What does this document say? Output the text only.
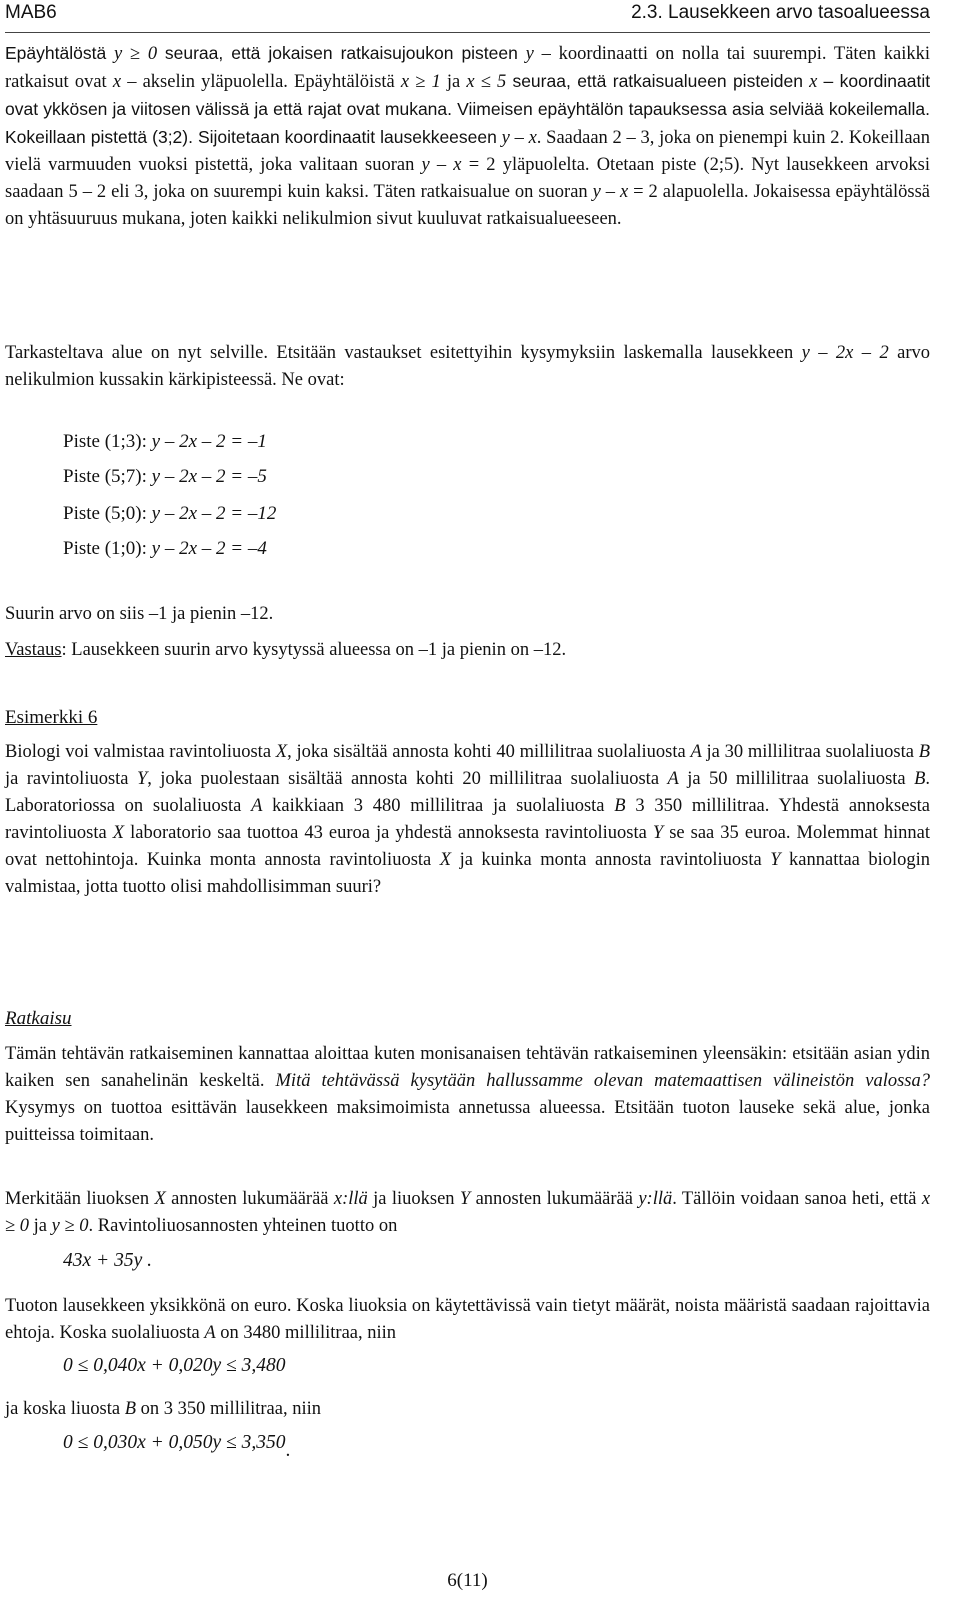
MAB6	2.3. Lausekkeen arvo tasoalueessa

Epäyhtälöstä y ≥ 0 seuraa, että jokaisen ratkaisujoukon pisteen y – koordinaatti on nolla tai suurempi. Täten kaikki ratkaisut ovat x – akselin yläpuolella. Epäyhtälöistä x ≥ 1 ja x ≤ 5 seuraa, että ratkaisualueen pisteiden x – koordinaatit ovat ykkösen ja viitosen välissä ja että rajat ovat mukana. Viimeisen epäyhtälön tapauksessa asia selviää kokeilemalla. Kokeillaan pistettä (3;2). Sijoitetaan koordinaatit lausekkeeseen y – x. Saadaan 2 – 3, joka on pienempi kuin 2. Kokeillaan vielä varmuuden vuoksi pistettä, joka valitaan suoran y – x = 2 yläpuolelta. Otetaan piste (2;5). Nyt lausekkeen arvoksi saadaan 5 – 2 eli 3, joka on suurempi kuin kaksi. Täten ratkaisualue on suoran y – x = 2 alapuolella. Jokaisessa epäyhtälössä on yhtäsuuruus mukana, joten kaikki nelikulmion sivut kuuluvat ratkaisualueeseen.

Tarkasteltava alue on nyt selville. Etsitään vastaukset esitettyihin kysymyksiin laskemalla lausekkeen y – 2x – 2 arvo nelikulmion kussakin kärkipisteessä. Ne ovat:

Piste (1;3): y – 2x – 2 = –1
Piste (5;7): y – 2x – 2 = –5
Piste (5;0): y – 2x – 2 = –12
Piste (1;0): y – 2x – 2 = –4

Suurin arvo on siis –1 ja pienin –12.

Vastaus: Lausekkeen suurin arvo kysytyssä alueessa on –1 ja pienin on –12.

Esimerkki 6

Biologi voi valmistaa ravintoliuosta X, joka sisältää annosta kohti 40 millilitraa suolaliuosta A ja 30 millilitraa suolaliuosta B ja ravintoliuosta Y, joka puolestaan sisältää annosta kohti 20 millilitraa suolaliuosta A ja 50 millilitraa suolaliuosta B. Laboratoriossa on suolaliuosta A kaikkiaan 3 480 millilitraa ja suolaliuosta B 3 350 millilitraa. Yhdestä annoksesta ravintoliuosta X laboratorio saa tuottoa 43 euroa ja yhdestä annoksesta ravintoliuosta Y se saa 35 euroa. Molemmat hinnat ovat nettohintoja. Kuinka monta annosta ravintoliuosta X ja kuinka monta annosta ravintoliuosta Y kannattaa biologin valmistaa, jotta tuotto olisi mahdollisimman suuri?

Ratkaisu

Tämän tehtävän ratkaiseminen kannattaa aloittaa kuten monisanaisen tehtävän ratkaiseminen yleensäkin: etsitään asian ydin kaiken sen sanahelinän keskeltä. Mitä tehtävässä kysytään hallussamme olevan matemaattisen välineistön valossa? Kysymys on tuottoa esittävän lausekkeen maksimoimista annetussa alueessa. Etsitään tuoton lauseke sekä alue, jonka puitteissa toimitaan.

Merkitään liuoksen X annosten lukumäärää x:llä ja liuoksen Y annosten lukumäärää y:llä. Tällöin voidaan sanoa heti, että x ≥ 0 ja y ≥ 0. Ravintoliuosannosten yhteinen tuotto on

43x + 35y .

Tuoton lausekkeen yksikkönä on euro. Koska liuoksia on käytettävissä vain tietyt määrät, noista määristä saadaan rajoittavia ehtoja. Koska suolaliuosta A on 3480 millilitraa, niin

0 ≤ 0,040x + 0,020y ≤ 3,480

ja koska liuosta B on 3 350 millilitraa, niin

0 ≤ 0,030x + 0,050y ≤ 3,350.
6(11)
